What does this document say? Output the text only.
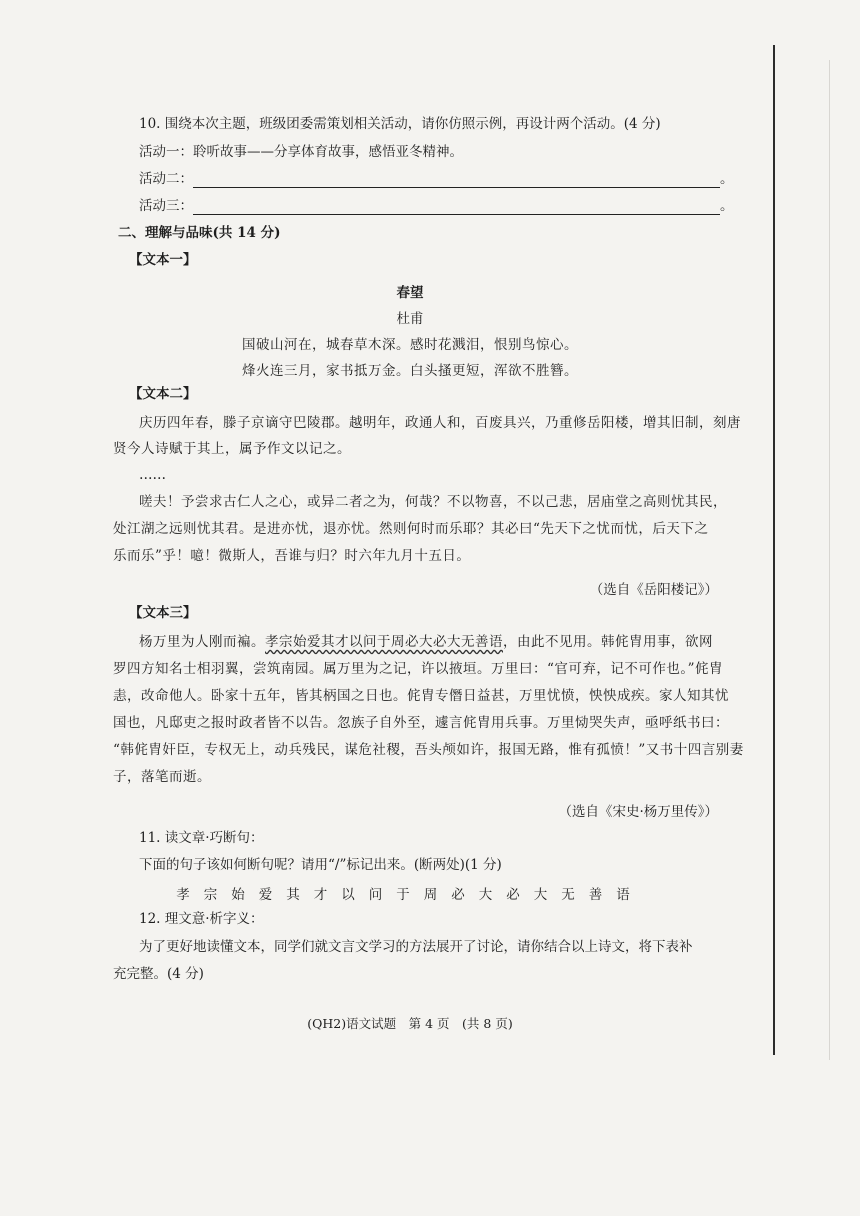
10. 围绕本次主题，班级团委需策划相关活动，请你仿照示例，再设计两个活动。(4 分)
活动一：聆听故事——分享体育故事，感悟亚冬精神。
活动二：	。
活动三：	。
二、理解与品味(共 14 分)
【文本一】
春望
杜甫
国破山河在，城春草木深。感时花溅泪，恨别鸟惊心。
烽火连三月，家书抵万金。白头搔更短，浑欲不胜簪。
【文本二】
庆历四年春，滕子京谪守巴陵郡。越明年，政通人和，百废具兴，乃重修岳阳楼，增其旧制，刻唐
贤今人诗赋于其上，属予作文以记之。
……
嗟夫！予尝求古仁人之心，或异二者之为，何哉？不以物喜，不以己悲，居庙堂之高则忧其民，
处江湖之远则忧其君。是进亦忧，退亦忧。然则何时而乐耶？其必曰“先天下之忧而忧，后天下之
乐而乐”乎！噫！微斯人，吾谁与归？时六年九月十五日。
（选自《岳阳楼记》）
【文本三】
杨万里为人刚而褊。孝宗始爱其才以问于周必大必大无善语，由此不见用。韩侂胄用事，欲网
罗四方知名士相羽翼，尝筑南园。属万里为之记，许以掖垣。万里曰：“官可弃，记不可作也。”侂胄
恚，改命他人。卧家十五年，皆其柄国之日也。侂胄专僭日益甚，万里忧愤，怏怏成疾。家人知其忧
国也，凡邸吏之报时政者皆不以告。忽族子自外至，遽言侂胄用兵事。万里恸哭失声，亟呼纸书曰：
“韩侂胄奸臣，专权无上，动兵残民，谋危社稷，吾头颅如许，报国无路，惟有孤愤！”又书十四言别妻
子，落笔而逝。
（选自《宋史·杨万里传》）
11. 读文章·巧断句：
下面的句子该如何断句呢？请用“/”标记出来。(断两处)(1 分)
孝宗始爱其才以问于周必大必大无善语
12. 理文意·析字义：
为了更好地读懂文本，同学们就文言文学习的方法展开了讨论，请你结合以上诗文，将下表补
充完整。(4 分)
(QH2)语文试题　第 4 页　(共 8 页)
